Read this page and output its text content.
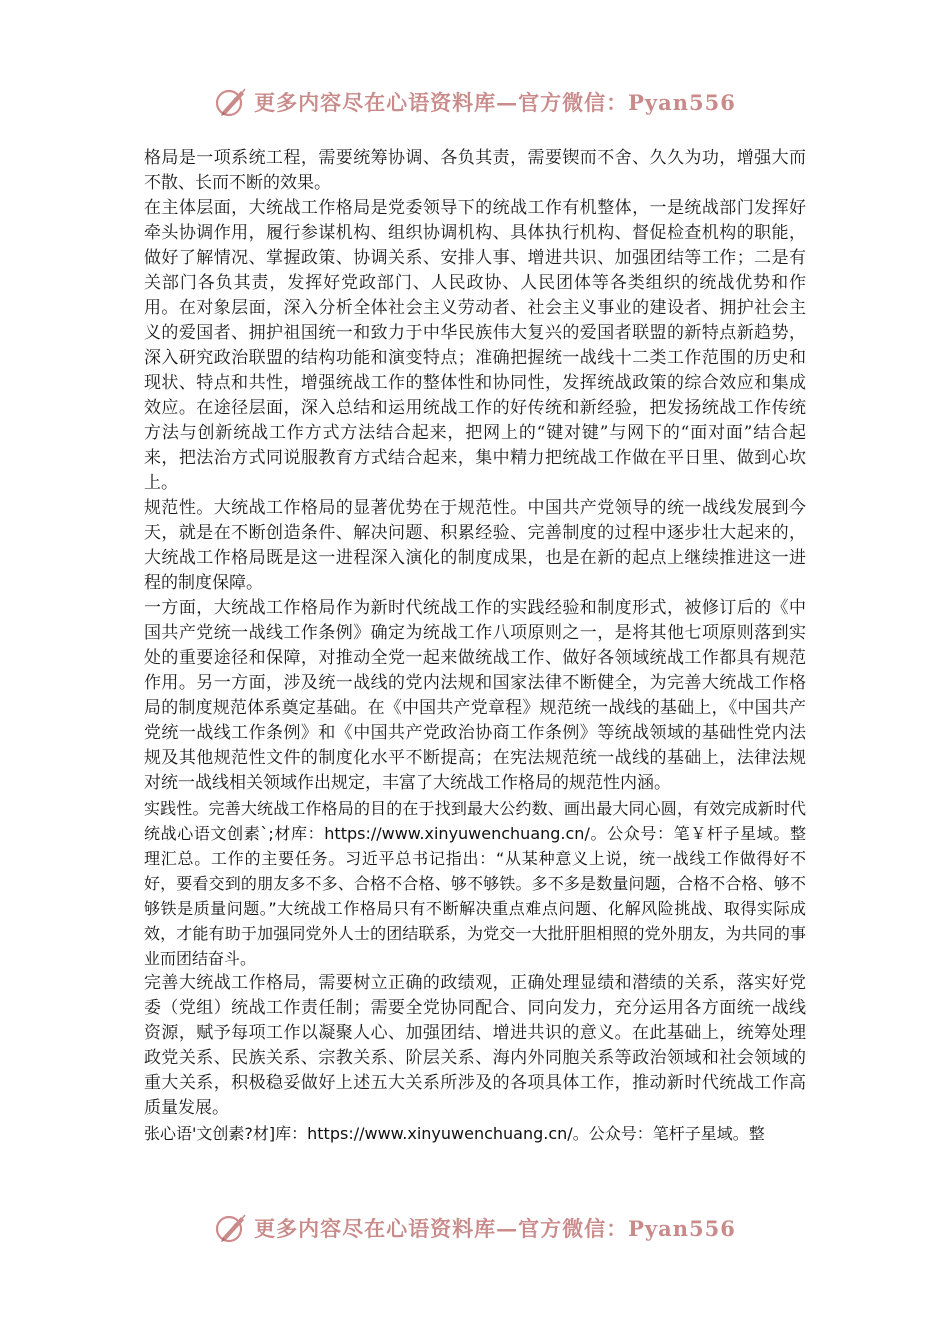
更多内容尽在心语资料库—官方微信：Pyan556

格局是一项系统工程，需要统筹协调、各负其责，需要锲而不舍、久久为功，增强大而不散、长而不断的效果。

在主体层面，大统战工作格局是党委领导下的统战工作有机整体，一是统战部门发挥好牵头协调作用，履行参谋机构、组织协调机构、具体执行机构、督促检查机构的职能，做好了解情况、掌握政策、协调关系、安排人事、增进共识、加强团结等工作；二是有关部门各负其责，发挥好党政部门、人民政协、人民团体等各类组织的统战优势和作用。在对象层面，深入分析全体社会主义劳动者、社会主义事业的建设者、拥护社会主义的爱国者、拥护祖国统一和致力于中华民族伟大复兴的爱国者联盟的新特点新趋势，深入研究政治联盟的结构功能和演变特点；准确把握统一战线十二类工作范围的历史和现状、特点和共性，增强统战工作的整体性和协同性，发挥统战政策的综合效应和集成效应。在途径层面，深入总结和运用统战工作的好传统和新经验，把发扬统战工作传统方法与创新统战工作方式方法结合起来，把网上的“键对键”与网下的“面对面”结合起来，把法治方式同说服教育方式结合起来，集中精力把统战工作做在平日里、做到心坎上。

规范性。大统战工作格局的显著优势在于规范性。中国共产党领导的统一战线发展到今天，就是在不断创造条件、解决问题、积累经验、完善制度的过程中逐步壮大起来的，大统战工作格局既是这一进程深入演化的制度成果，也是在新的起点上继续推进这一进程的制度保障。

一方面，大统战工作格局作为新时代统战工作的实践经验和制度形式，被修订后的《中国共产党统一战线工作条例》确定为统战工作八项原则之一，是将其他七项原则落到实处的重要途径和保障，对推动全党一起来做统战工作、做好各领域统战工作都具有规范作用。另一方面，涉及统一战线的党内法规和国家法律不断健全，为完善大统战工作格局的制度规范体系奠定基础。在《中国共产党章程》规范统一战线的基础上，《中国共产党统一战线工作条例》和《中国共产党政治协商工作条例》等统战领域的基础性党内法规及其他规范性文件的制度化水平不断提高；在宪法规范统一战线的基础上，法律法规对统一战线相关领域作出规定，丰富了大统战工作格局的规范性内涵。

实践性。完善大统战工作格局的目的在于找到最大公约数、画出最大同心圆，有效完成新时代统战心语文创素`;材库：https://www.xinyuwenchuang.cn/。公众号：笔￥杆子星域。整理汇总。工作的主要任务。习近平总书记指出：“从某种意义上说，统一战线工作做得好不好，要看交到的朋友多不多、合格不合格、够不够铁。多不多是数量问题，合格不合格、够不够铁是质量问题。”大统战工作格局只有不断解决重点难点问题、化解风险挑战、取得实际成效，才能有助于加强同党外人士的团结联系，为党交一大批肝胆相照的党外朋友，为共同的事业而团结奋斗。

完善大统战工作格局，需要树立正确的政绩观，正确处理显绩和潜绩的关系，落实好党委（党组）统战工作责任制；需要全党协同配合、同向发力，充分运用各方面统一战线资源，赋予每项工作以凝聚人心、加强团结、增进共识的意义。在此基础上，统筹处理政党关系、民族关系、宗教关系、阶层关系、海内外同胞关系等政治领域和社会领域的重大关系，积极稳妥做好上述五大关系所涉及的各项具体工作，推动新时代统战工作高质量发展。

张心语'文创素?材]库：https://www.xinyuwenchuang.cn/。公众号：笔杆子星域。整

更多内容尽在心语资料库—官方微信：Pyan556
